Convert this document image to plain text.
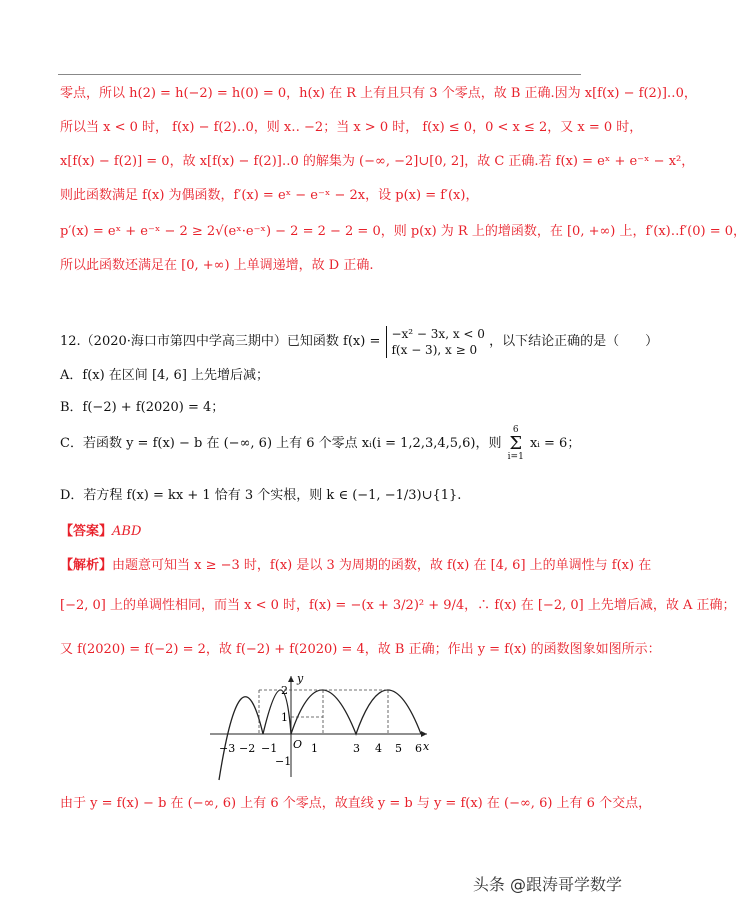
零点，所以 h(2) = h(−2) = h(0) = 0，h(x) 在 R 上有且只有 3 个零点，故 B 正确.因为 x[f(x) − f(2)]‥0，
所以当 x < 0 时， f(x) − f(2)‥0，则 x‥ −2；当 x > 0 时， f(x) ≤ 0，0 < x ≤ 2，又 x = 0 时，
x[f(x) − f(2)] = 0，故 x[f(x) − f(2)]‥0 的解集为 (−∞, −2]∪[0, 2]，故 C 正确.若 f(x) = eˣ + e⁻ˣ − x²，
则此函数满足 f(x) 为偶函数，f′(x) = eˣ − e⁻ˣ − 2x，设 p(x) = f′(x)，
p′(x) = eˣ + e⁻ˣ − 2 ≥ 2√(eˣ·e⁻ˣ) − 2 = 2 − 2 = 0，则 p(x) 为 R 上的增函数，在 [0, +∞) 上，f′(x)‥f′(0) = 0，
所以此函数还满足在 [0, +∞) 上单调递增，故 D 正确.
12.（2020·海口市第四中学高三期中）已知函数 f(x) = −x² − 3x, x < 0
f(x − 3), x ≥ 0 ，以下结论正确的是（　　）
A．f(x) 在区间 [4, 6] 上先增后减；
B．f(−2) + f(2020) = 4；
C．若函数 y = f(x) − b 在 (−∞, 6) 上有 6 个零点 xᵢ(i = 1,2,3,4,5,6)，则 6
Σ
i=1 xᵢ = 6；
D．若方程 f(x) = kx + 1 恰有 3 个实根，则 k ∈ (−1, −1/3)∪{1}.
【答案】ABD
【解析】由题意可知当 x ≥ −3 时，f(x) 是以 3 为周期的函数，故 f(x) 在 [4, 6] 上的单调性与 f(x) 在
[−2, 0] 上的单调性相同，而当 x < 0 时，f(x) = −(x + 3/2)² + 9/4，∴ f(x) 在 [−2, 0] 上先增后减，故 A 正确；
又 f(2020) = f(−2) = 2，故 f(−2) + f(2020) = 4，故 B 正确；作出 y = f(x) 的函数图象如图所示：
y
x
O
2
1
−1
−3 −2 −1	1	3 4 5 6
由于 y = f(x) − b 在 (−∞, 6) 上有 6 个零点，故直线 y = b 与 y = f(x) 在 (−∞, 6) 上有 6 个交点，
头条 @跟涛哥学数学
